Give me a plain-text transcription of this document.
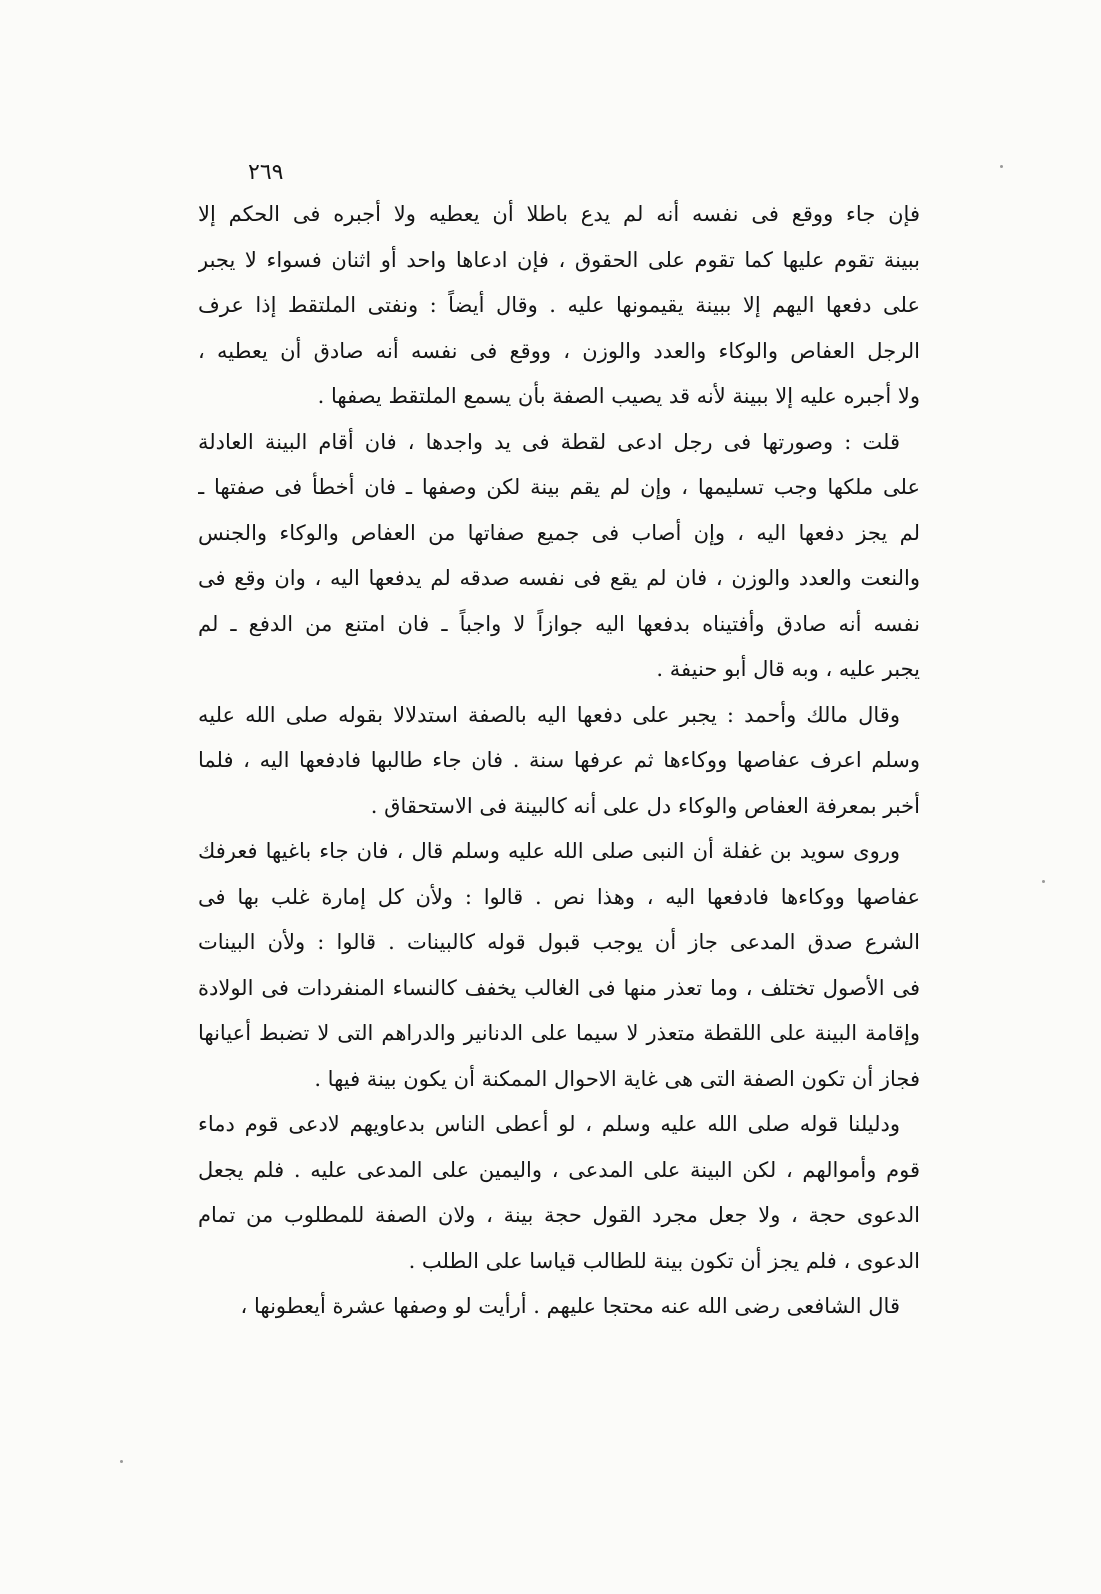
٢٦٩
فإن جاء ووقع فى نفسه أنه لم يدع باطلا أن يعطيه ولا أجبره فى الحكم إلا
ببينة تقوم عليها كما تقوم على الحقوق ، فإن ادعاها واحد أو اثنان فسواء لا يجبر
على دفعها اليهم إلا ببينة يقيمونها عليه . وقال أيضاً : ونفتى الملتقط إذا عرف
الرجل العفاص والوكاء والعدد والوزن ، ووقع فى نفسه أنه صادق أن يعطيه ،
ولا أجبره عليه إلا ببينة لأنه قد يصيب الصفة بأن يسمع الملتقط يصفها .
قلت : وصورتها فى رجل ادعى لقطة فى يد واجدها ، فان أقام البينة العادلة
على ملكها وجب تسليمها ، وإن لم يقم بينة لكن وصفها ـ فان أخطأ فى صفتها ـ
لم يجز دفعها اليه ، وإن أصاب فى جميع صفاتها من العفاص والوكاء والجنس
والنعت والعدد والوزن ، فان لم يقع فى نفسه صدقه لم يدفعها اليه ، وان وقع فى
نفسه أنه صادق وأفتيناه بدفعها اليه جوازاً لا واجباً ـ فان امتنع من الدفع ـ لم
يجبر عليه ، وبه قال أبو حنيفة .
وقال مالك وأحمد : يجبر على دفعها اليه بالصفة استدلالا بقوله صلى الله عليه
وسلم اعرف عفاصها ووكاءها ثم عرفها سنة . فان جاء طالبها فادفعها اليه ، فلما
أخبر بمعرفة العفاص والوكاء دل على أنه كالبينة فى الاستحقاق .
وروى سويد بن غفلة أن النبى صلى الله عليه وسلم قال ، فان جاء باغيها فعرفك
عفاصها ووكاءها فادفعها اليه ، وهذا نص . قالوا : ولأن كل إمارة غلب بها فى
الشرع صدق المدعى جاز أن يوجب قبول قوله كالبينات . قالوا : ولأن البينات
فى الأصول تختلف ، وما تعذر منها فى الغالب يخفف كالنساء المنفردات فى الولادة
وإقامة البينة على اللقطة متعذر لا سيما على الدنانير والدراهم التى لا تضبط أعيانها
فجاز أن تكون الصفة التى هى غاية الاحوال الممكنة أن يكون بينة فيها .
ودليلنا قوله صلى الله عليه وسلم ، لو أعطى الناس بدعاويهم لادعى قوم دماء
قوم وأموالهم ، لكن البينة على المدعى ، واليمين على المدعى عليه . فلم يجعل
الدعوى حجة ، ولا جعل مجرد القول حجة بينة ، ولان الصفة للمطلوب من تمام
الدعوى ، فلم يجز أن تكون بينة للطالب قياسا على الطلب .
قال الشافعى رضى الله عنه محتجا عليهم . أرأيت لو وصفها عشرة أيعطونها ،
